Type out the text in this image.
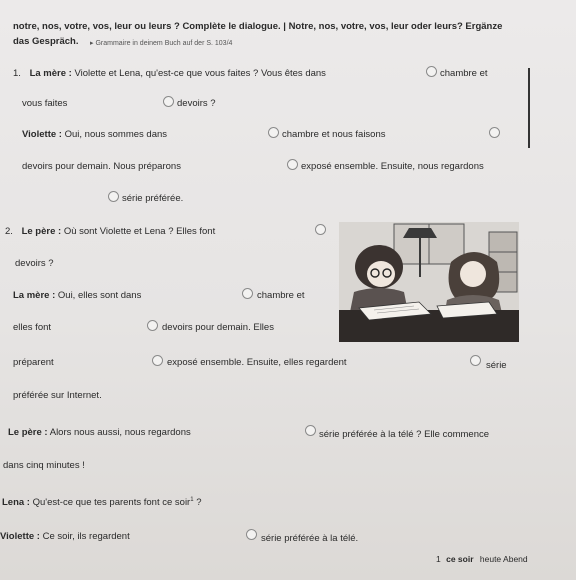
notre, nos, votre, vos, leur ou leurs ? Complète le dialogue. | Notre, nos, votre, vos, leur oder leurs? Ergänze
das Gespräch. ▸ Grammaire in deinem Buch auf der S. 103/4
1. La mère : Violette et Lena, qu'est-ce que vous faites ? Vous êtes dans	chambre et
vous faites	devoirs ?
Violette : Oui, nous sommes dans	chambre et nous faisons
devoirs pour demain. Nous préparons	exposé ensemble. Ensuite, nous regardons
série préférée.
2. Le père : Où sont Violette et Lena ? Elles font
devoirs ?
La mère : Oui, elles sont dans	chambre et
elles font	devoirs pour demain. Elles
préparent	exposé ensemble. Ensuite, elles regardent	série
préférée sur Internet.
Le père : Alors nous aussi, nous regardons	série préférée à la télé ? Elle commence
dans cinq minutes !
Lena : Qu'est-ce que tes parents font ce soir$^1$ ?
Violette : Ce soir, ils regardent	série préférée à la télé.
1 ce soir heute Abend
